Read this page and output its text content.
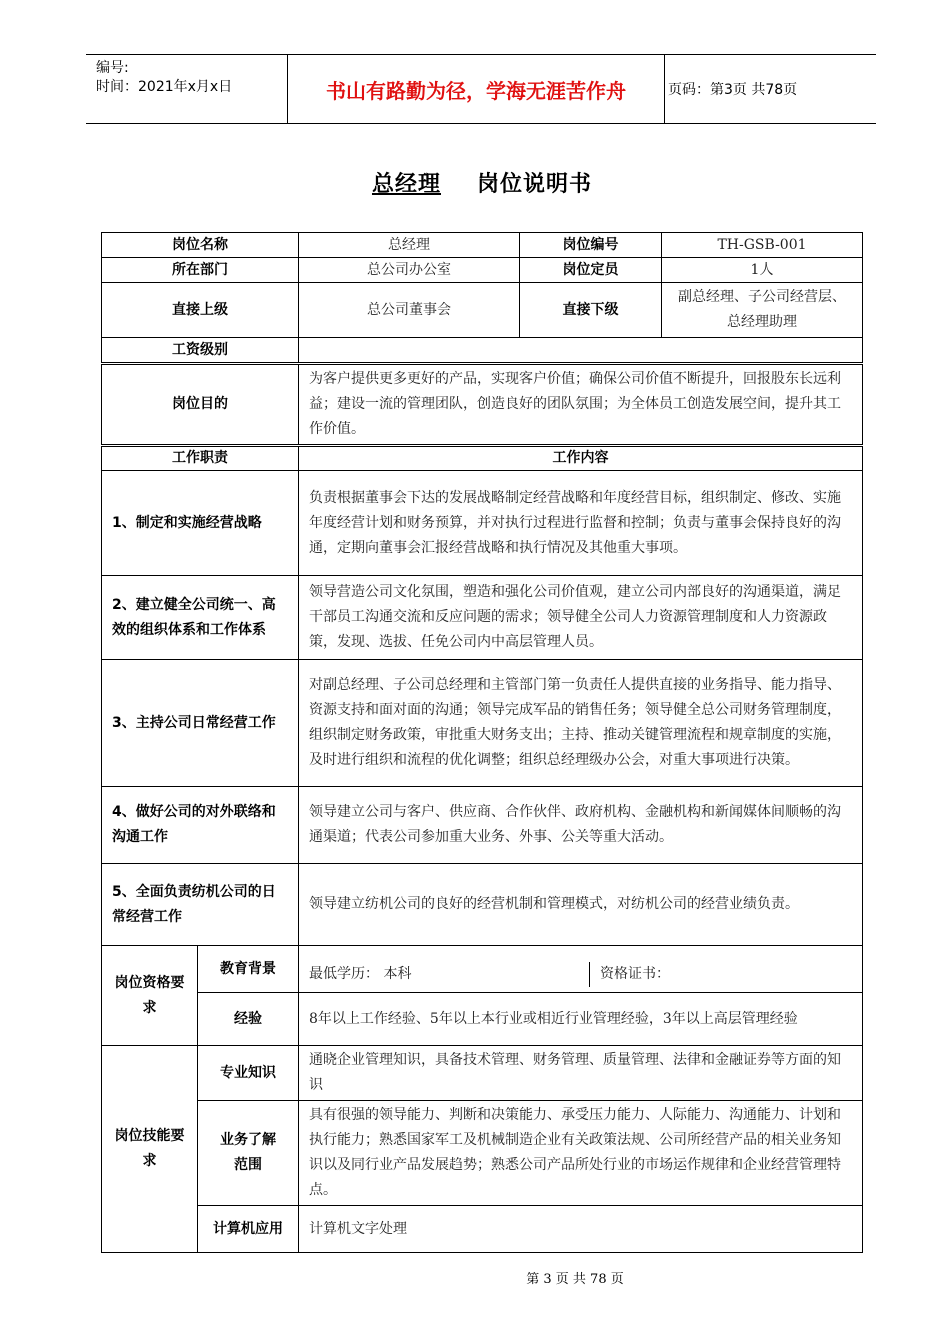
编号:
时间：2021年x月x日	书山有路勤为径，学海无涯苦作舟	页码：第3页 共78页
总经理 岗位说明书
岗位名称		总经理	岗位编号	TH-GSB-001
所在部门		总公司办公室	岗位定员	1人
直接上级		总公司董事会	直接下级	副总经理、子公司经营层、总经理助理
工资级别				
岗位目的		为客户提供更多更好的产品，实现客户价值；确保公司价值不断提升，回报股东长远利益；建设一流的管理团队，创造良好的团队氛围；为全体员工创造发展空间，提升其工作价值。		
工作职责		工作内容		
1、制定和实施经营战略		负责根据董事会下达的发展战略制定经营战略和年度经营目标，组织制定、修改、实施年度经营计划和财务预算，并对执行过程进行监督和控制；负责与董事会保持良好的沟通，定期向董事会汇报经营战略和执行情况及其他重大事项。		
2、建立健全公司统一、高效的组织体系和工作体系		领导营造公司文化氛围，塑造和强化公司价值观，建立公司内部良好的沟通渠道，满足干部员工沟通交流和反应问题的需求；领导健全公司人力资源管理制度和人力资源政策，发现、选拔、任免公司内中高层管理人员。		
3、主持公司日常经营工作		对副总经理、子公司总经理和主管部门第一负责任人提供直接的业务指导、能力指导、资源支持和面对面的沟通；领导完成军品的销售任务；领导健全总公司财务管理制度，组织制定财务政策，审批重大财务支出；主持、推动关键管理流程和规章制度的实施，及时进行组织和流程的优化调整；组织总经理级办公会，对重大事项进行决策。		
4、做好公司的对外联络和沟通工作		领导建立公司与客户、供应商、合作伙伴、政府机构、金融机构和新闻媒体间顺畅的沟通渠道；代表公司参加重大业务、外事、公关等重大活动。		
5、全面负责纺机公司的日常经营工作		领导建立纺机公司的良好的经营机制和管理模式，对纺机公司的经营业绩负责。		
岗位资格要求	教育背景	最低学历： 本科 资格证书：		

	经验	8年以上工作经验、5年以上本行业或相近行业管理经验，3年以上高层管理经验		
岗位技能要求	专业知识	通晓企业管理知识，具备技术管理、财务管理、质量管理、法律和金融证券等方面的知识		
	业务了解范围	具有很强的领导能力、判断和决策能力、承受压力能力、人际能力、沟通能力、计划和执行能力；熟悉国家军工及机械制造企业有关政策法规、公司所经营产品的相关业务知识以及同行业产品发展趋势；熟悉公司产品所处行业的市场运作规律和企业经营管理特点。		
	计算机应用	计算机文字处理		
第 3 页 共 78 页
